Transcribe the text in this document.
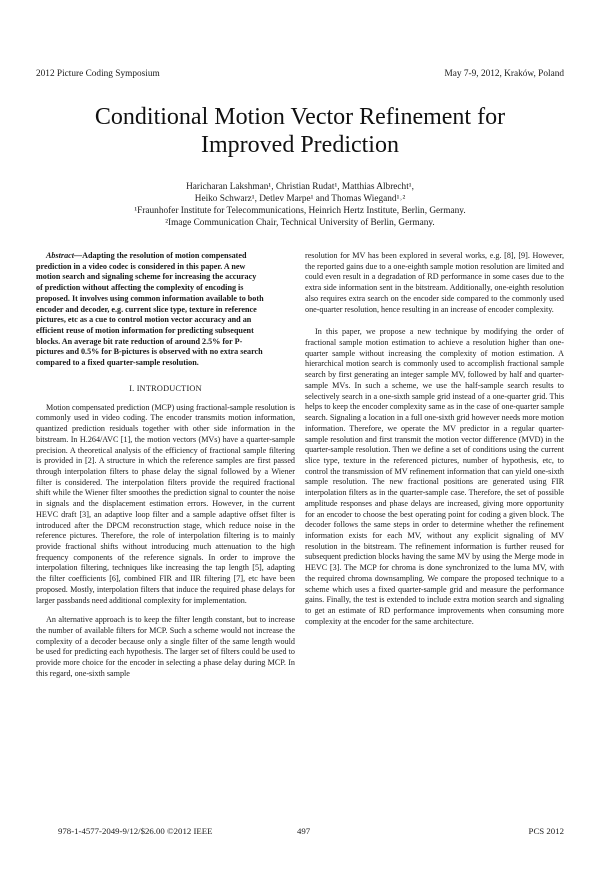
2012 Picture Coding Symposium	May 7-9, 2012, Kraków, Poland
Conditional Motion Vector Refinement for
Improved Prediction
Haricharan Lakshman¹, Christian Rudat¹, Matthias Albrecht¹,
Heiko Schwarz¹, Detlev Marpe¹ and Thomas Wiegand¹˒²
¹Fraunhofer Institute for Telecommunications, Heinrich Hertz Institute, Berlin, Germany.
²Image Communication Chair, Technical University of Berlin, Germany.

Abstract—Adapting the resolution of motion compensated

prediction in a video codec is considered in this paper. A new
motion search and signaling scheme for increasing the accuracy
of prediction without affecting the complexity of encoding is
proposed. It involves using common information available to both
encoder and decoder, e.g. current slice type, texture in reference
pictures, etc as a cue to control motion vector accuracy and an
efficient reuse of motion information for predicting subsequent
blocks. An average bit rate reduction of around 2.5% for P-
pictures and 0.5% for B-pictures is observed with no extra search
compared to a fixed quarter-sample resolution.
I. INTRODUCTION

Motion compensated prediction (MCP) using fractional-sample resolution is commonly used in video coding. The encoder transmits motion information, quantized prediction residuals together with other side information in the bitstream. In H.264/AVC [1], the motion vectors (MVs) have a quarter-sample precision. A theoretical analysis of the efficiency of fractional sample filtering is provided in [2]. A structure in which the reference samples are first passed through interpolation filters to phase delay the signal followed by a Wiener filter is considered. The interpolation filters provide the required fractional shift while the Wiener filter smoothes the prediction signal to counter the noise in signals and the displacement estimation errors. However, in the current HEVC draft [3], an adaptive loop filter and a sample adaptive offset filter is introduced after the DPCM reconstruction stage, which reduce noise in the reference pictures. Therefore, the role of interpolation filtering is to mainly provide fractional shifts without introducing much attenuation to the high frequency components of the reference signals. In order to improve the interpolation filtering, techniques like increasing the tap length [5], adapting the filter coefficients [6], combined FIR and IIR filtering [7], etc have been proposed. Mostly, interpolation filters that induce the required phase delays for larger passbands need additional complexity for implementation.

An alternative approach is to keep the filter length constant, but to increase the number of available filters for MCP. Such a scheme would not increase the complexity of a decoder because only a single filter of the same length would be used for predicting each hypothesis. The larger set of filters could be used to provide more choice for the encoder in selecting a phase delay during MCP. In this regard, one-sixth sample

resolution for MV has been explored in several works, e.g. [8], [9]. However, the reported gains due to a one-eighth sample motion resolution are limited and could even result in a degradation of RD performance in some cases due to the extra side information sent in the bitstream. Additionally, one-eighth resolution also requires extra search on the encoder side compared to the commonly used one-quarter resolution, hence resulting in an increase of encoder complexity.

In this paper, we propose a new technique by modifying the order of fractional sample motion estimation to achieve a resolution higher than one-quarter sample without increasing the complexity of motion estimation. A hierarchical motion search is commonly used to accomplish fractional sample search by first generating an integer sample MV, followed by half and quarter-sample MVs. In such a scheme, we use the half-sample search results to selectively search in a one-sixth sample grid instead of a one-quarter grid. This helps to keep the encoder complexity same as in the case of one-quarter sample search. Signaling a location in a full one-sixth grid however needs more motion information. Therefore, we operate the MV predictor in a regular quarter-sample resolution and first transmit the motion vector difference (MVD) in the quarter-sample resolution. Then we define a set of conditions using the current slice type, texture in the referenced pictures, number of hypothesis, etc, to control the transmission of MV refinement information that can yield one-sixth sample resolution. The new fractional positions are generated using FIR interpolation filters as in the quarter-sample case. Therefore, the set of possible amplitude responses and phase delays are increased, giving more opportunity for an encoder to choose the best operating point for coding a given block. The decoder follows the same steps in order to determine whether the refinement information exists for each MV, without any explicit signaling of MV resolution in the bitstream. The refinement information is further reused for subsequent prediction blocks having the same MV by using the Merge mode in HEVC [3]. The MCP for chroma is done synchronized to the luma MV, with the required chroma downsampling. We compare the proposed technique to a scheme which uses a fixed quarter-sample grid and measure the performance gains. Finally, the test is extended to include extra motion search and signaling to get an estimate of RD performance improvements when consuming more complexity at the encoder for the same architecture.

978-1-4577-2049-9/12/$26.00 ©2012 IEEE	497	PCS 2012
